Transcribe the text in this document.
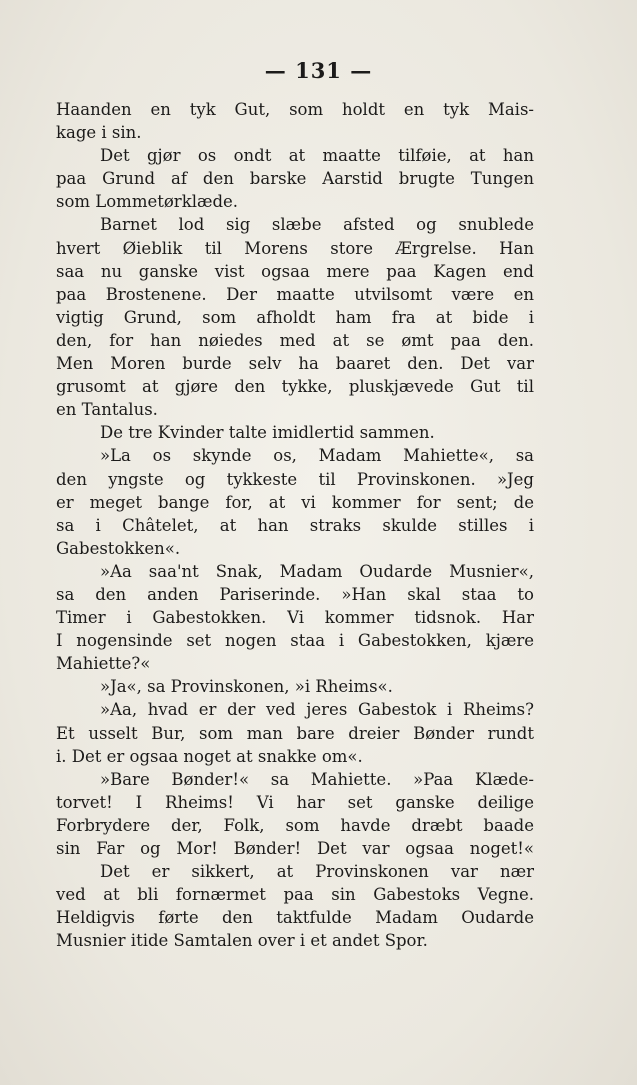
— 131 —
Haanden en tyk Gut, som holdt en tyk Mais-
kage i sin.
Det gjør os ondt at maatte tilføie, at han
paa Grund af den barske Aarstid brugte Tungen
som Lommetørklæde.
Barnet lod sig slæbe afsted og snublede
hvert Øieblik til Morens store Ærgrelse. Han
saa nu ganske vist ogsaa mere paa Kagen end
paa Brostenene. Der maatte utvilsomt være en
vigtig Grund, som afholdt ham fra at bide i
den, for han nøiedes med at se ømt paa den.
Men Moren burde selv ha baaret den. Det var
grusomt at gjøre den tykke, pluskjævede Gut til
en Tantalus.
De tre Kvinder talte imidlertid sammen.
»La os skynde os, Madam Mahiette«, sa
den yngste og tykkeste til Provinskonen. »Jeg
er meget bange for, at vi kommer for sent; de
sa i Châtelet, at han straks skulde stilles i
Gabestokken«.
»Aa saa'nt Snak, Madam Oudarde Musnier«,
sa den anden Pariserinde. »Han skal staa to
Timer i Gabestokken. Vi kommer tidsnok. Har
I nogensinde set nogen staa i Gabestokken, kjære
Mahiette?«
»Ja«, sa Provinskonen, »i Rheims«.
»Aa, hvad er der ved jeres Gabestok i Rheims?
Et usselt Bur, som man bare dreier Bønder rundt
i. Det er ogsaa noget at snakke om«.
»Bare Bønder!« sa Mahiette. »Paa Klæde-
torvet! I Rheims! Vi har set ganske deilige
Forbrydere der, Folk, som havde dræbt baade
sin Far og Mor! Bønder! Det var ogsaa noget!«
Det er sikkert, at Provinskonen var nær
ved at bli fornærmet paa sin Gabestoks Vegne.
Heldigvis førte den taktfulde Madam Oudarde
Musnier itide Samtalen over i et andet Spor.
